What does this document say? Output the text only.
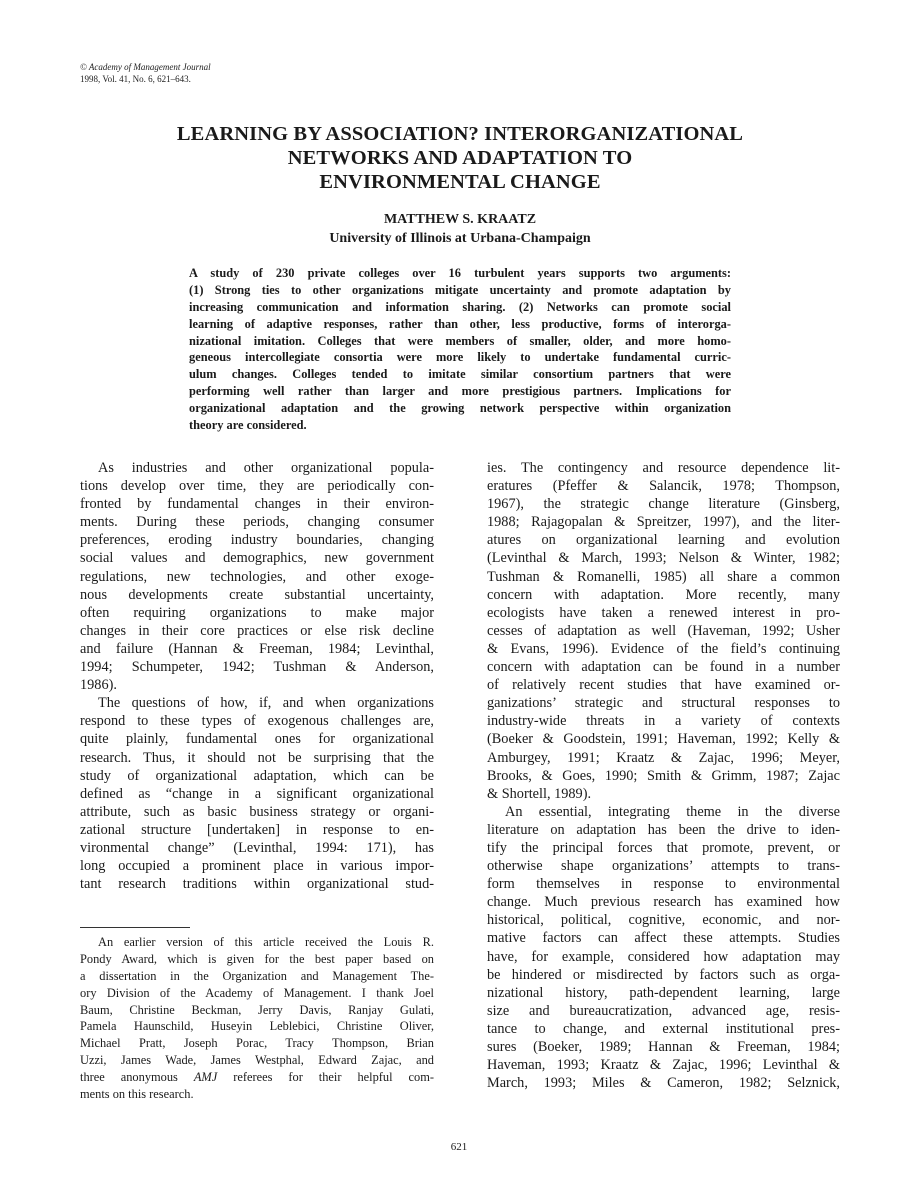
© Academy of Management Journal
1998, Vol. 41, No. 6, 621–643.
LEARNING BY ASSOCIATION? INTERORGANIZATIONAL
NETWORKS AND ADAPTATION TO
ENVIRONMENTAL CHANGE
MATTHEW S. KRAATZ
University of Illinois at Urbana-Champaign
A study of 230 private colleges over 16 turbulent years supports two arguments:
(1) Strong ties to other organizations mitigate uncertainty and promote adaptation by
increasing communication and information sharing. (2) Networks can promote social
learning of adaptive responses, rather than other, less productive, forms of interorga-
nizational imitation. Colleges that were members of smaller, older, and more homo-
geneous intercollegiate consortia were more likely to undertake fundamental curric-
ulum changes. Colleges tended to imitate similar consortium partners that were
performing well rather than larger and more prestigious partners. Implications for
organizational adaptation and the growing network perspective within organization
theory are considered.
As industries and other organizational popula-
tions develop over time, they are periodically con-
fronted by fundamental changes in their environ-
ments. During these periods, changing consumer
preferences, eroding industry boundaries, changing
social values and demographics, new government
regulations, new technologies, and other exoge-
nous developments create substantial uncertainty,
often requiring organizations to make major
changes in their core practices or else risk decline
and failure (Hannan & Freeman, 1984; Levinthal,
1994; Schumpeter, 1942; Tushman & Anderson,
1986).
The questions of how, if, and when organizations
respond to these types of exogenous challenges are,
quite plainly, fundamental ones for organizational
research. Thus, it should not be surprising that the
study of organizational adaptation, which can be
defined as “change in a significant organizational
attribute, such as basic business strategy or organi-
zational structure [undertaken] in response to en-
vironmental change” (Levinthal, 1994: 171), has
long occupied a prominent place in various impor-
tant research traditions within organizational stud-
ies. The contingency and resource dependence lit-
eratures (Pfeffer & Salancik, 1978; Thompson,
1967), the strategic change literature (Ginsberg,
1988; Rajagopalan & Spreitzer, 1997), and the liter-
atures on organizational learning and evolution
(Levinthal & March, 1993; Nelson & Winter, 1982;
Tushman & Romanelli, 1985) all share a common
concern with adaptation. More recently, many
ecologists have taken a renewed interest in pro-
cesses of adaptation as well (Haveman, 1992; Usher
& Evans, 1996). Evidence of the field’s continuing
concern with adaptation can be found in a number
of relatively recent studies that have examined or-
ganizations’ strategic and structural responses to
industry-wide threats in a variety of contexts
(Boeker & Goodstein, 1991; Haveman, 1992; Kelly &
Amburgey, 1991; Kraatz & Zajac, 1996; Meyer,
Brooks, & Goes, 1990; Smith & Grimm, 1987; Zajac
& Shortell, 1989).
An essential, integrating theme in the diverse
literature on adaptation has been the drive to iden-
tify the principal forces that promote, prevent, or
otherwise shape organizations’ attempts to trans-
form themselves in response to environmental
change. Much previous research has examined how
historical, political, cognitive, economic, and nor-
mative factors can affect these attempts. Studies
have, for example, considered how adaptation may
be hindered or misdirected by factors such as orga-
nizational history, path-dependent learning, large
size and bureaucratization, advanced age, resis-
tance to change, and external institutional pres-
sures (Boeker, 1989; Hannan & Freeman, 1984;
Haveman, 1993; Kraatz & Zajac, 1996; Levinthal &
March, 1993; Miles & Cameron, 1982; Selznick,
An earlier version of this article received the Louis R.
Pondy Award, which is given for the best paper based on
a dissertation in the Organization and Management The-
ory Division of the Academy of Management. I thank Joel
Baum, Christine Beckman, Jerry Davis, Ranjay Gulati,
Pamela Haunschild, Huseyin Leblebici, Christine Oliver,
Michael Pratt, Joseph Porac, Tracy Thompson, Brian
Uzzi, James Wade, James Westphal, Edward Zajac, and
three anonymous AMJ referees for their helpful com-
ments on this research.
621
